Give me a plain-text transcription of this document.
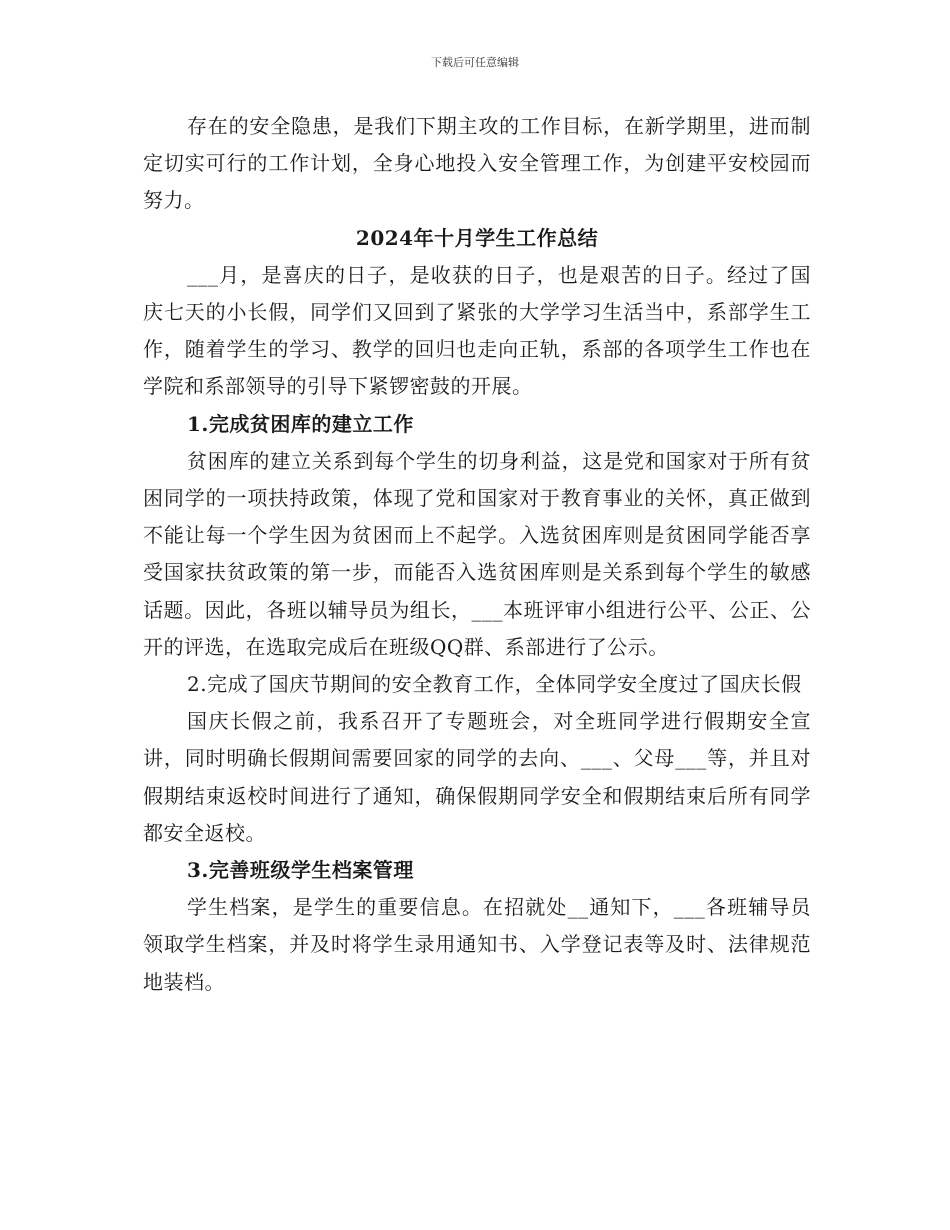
下载后可任意编辑

存在的安全隐患，是我们下期主攻的工作目标，在新学期里，进而制定切实可行的工作计划，全身心地投入安全管理工作，为创建平安校园而努力。

2024年十月学生工作总结

___月，是喜庆的日子，是收获的日子，也是艰苦的日子。经过了国庆七天的小长假，同学们又回到了紧张的大学学习生活当中，系部学生工作，随着学生的学习、教学的回归也走向正轨，系部的各项学生工作也在学院和系部领导的引导下紧锣密鼓的开展。

1.完成贫困库的建立工作

贫困库的建立关系到每个学生的切身利益，这是党和国家对于所有贫困同学的一项扶持政策，体现了党和国家对于教育事业的关怀，真正做到不能让每一个学生因为贫困而上不起学。入选贫困库则是贫困同学能否享受国家扶贫政策的第一步，而能否入选贫困库则是关系到每个学生的敏感话题。因此，各班以辅导员为组长，___本班评审小组进行公平、公正、公开的评选，在选取完成后在班级QQ群、系部进行了公示。

2.完成了国庆节期间的安全教育工作，全体同学安全度过了国庆长假

国庆长假之前，我系召开了专题班会，对全班同学进行假期安全宣讲，同时明确长假期间需要回家的同学的去向、___、父母___等，并且对假期结束返校时间进行了通知，确保假期同学安全和假期结束后所有同学都安全返校。

3.完善班级学生档案管理

学生档案，是学生的重要信息。在招就处__通知下，___各班辅导员领取学生档案，并及时将学生录用通知书、入学登记表等及时、法律规范地装档。
